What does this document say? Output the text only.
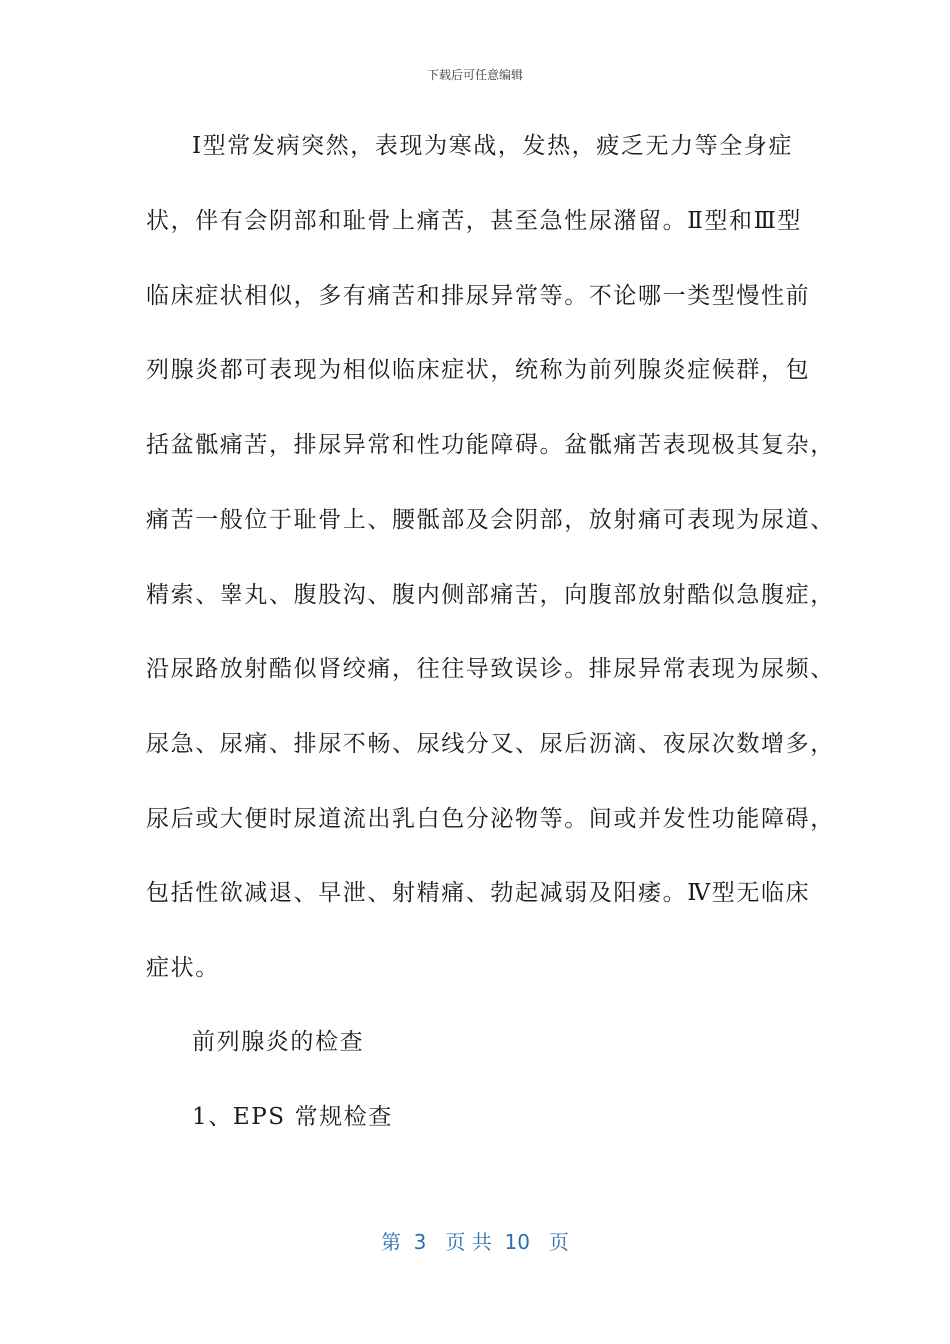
下载后可任意编辑
Ⅰ型常发病突然，表现为寒战，发热，疲乏无力等全身症
状，伴有会阴部和耻骨上痛苦，甚至急性尿潴留。Ⅱ型和Ⅲ型
临床症状相似，多有痛苦和排尿异常等。不论哪一类型慢性前
列腺炎都可表现为相似临床症状，统称为前列腺炎症候群，包
括盆骶痛苦，排尿异常和性功能障碍。盆骶痛苦表现极其复杂，
痛苦一般位于耻骨上、腰骶部及会阴部，放射痛可表现为尿道、
精索、睾丸、腹股沟、腹内侧部痛苦，向腹部放射酷似急腹症，
沿尿路放射酷似肾绞痛，往往导致误诊。排尿异常表现为尿频、
尿急、尿痛、排尿不畅、尿线分叉、尿后沥滴、夜尿次数增多，
尿后或大便时尿道流出乳白色分泌物等。间或并发性功能障碍，
包括性欲减退、早泄、射精痛、勃起减弱及阳痿。Ⅳ型无临床
症状。
前列腺炎的检查
1、EPS 常规检查
第  3   页 共  10   页
